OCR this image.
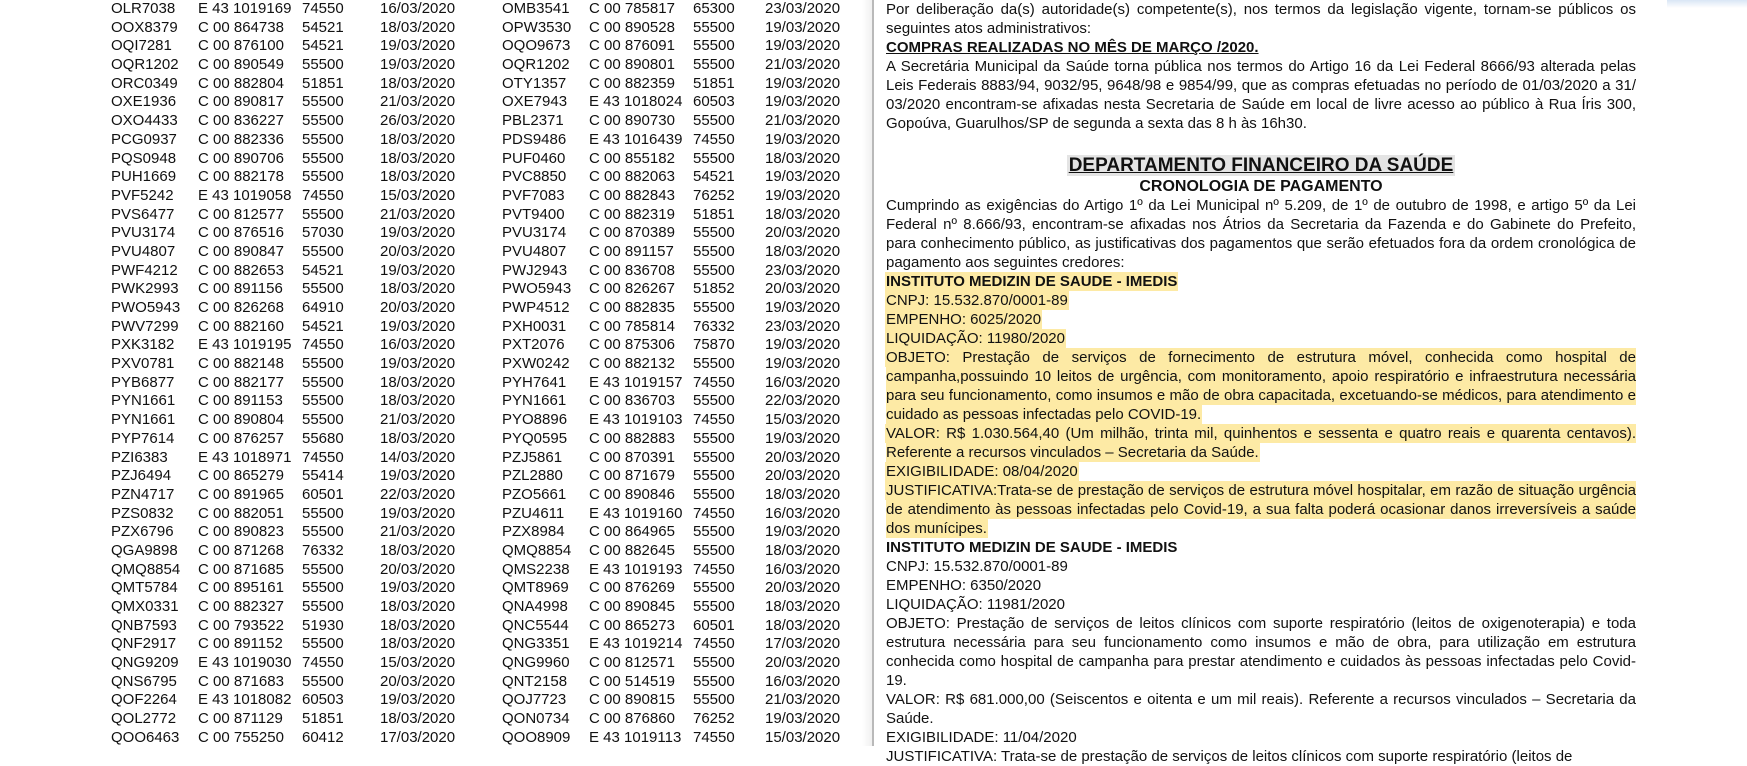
OLR7038 E 43 1019169 74550 16/03/2020
OOX8379 C 00 864738 54521 18/03/2020
OQI7281 C 00 876100 54521 19/03/2020
OQR1202 C 00 890549 55500 19/03/2020
ORC0349 C 00 882804 51851 18/03/2020
OXE1936 C 00 890817 55500 21/03/2020
OXO4433 C 00 836227 55500 26/03/2020
PCG0937 C 00 882336 55500 18/03/2020
PQS0948 C 00 890706 55500 18/03/2020
PUH1669 C 00 882178 55500 18/03/2020
PVF5242 E 43 1019058 74550 15/03/2020
PVS6477 C 00 812577 55500 21/03/2020
PVU3174 C 00 876516 57030 19/03/2020
PVU4807 C 00 890847 55500 20/03/2020
PWF4212 C 00 882653 54521 19/03/2020
PWK2993 C 00 891156 55500 18/03/2020
PWO5943 C 00 826268 64910 20/03/2020
PWV7299 C 00 882160 54521 19/03/2020
PXK3182 E 43 1019195 74550 16/03/2020
PXV0781 C 00 882148 55500 19/03/2020
PYB6877 C 00 882177 55500 18/03/2020
PYN1661 C 00 891153 55500 18/03/2020
PYN1661 C 00 890804 55500 21/03/2020
PYP7614 C 00 876257 55680 18/03/2020
PZI6383 E 43 1018971 74550 14/03/2020
PZJ6494 C 00 865279 55414 19/03/2020
PZN4717 C 00 891965 60501 22/03/2020
PZS0832 C 00 882051 55500 19/03/2020
PZX6796 C 00 890823 55500 21/03/2020
QGA9898 C 00 871268 76332 18/03/2020
QMQ8854 C 00 871685 55500 20/03/2020
QMT5784 C 00 895161 55500 19/03/2020
QMX0331 C 00 882327 55500 18/03/2020
QNB7593 C 00 793522 51930 18/03/2020
QNF2917 C 00 891152 55500 18/03/2020
QNG9209 E 43 1019030 74550 15/03/2020
QNS6795 C 00 871683 55500 20/03/2020
QOF2264 E 43 1018082 60503 19/03/2020
QOL2772 C 00 871129 51851 18/03/2020
QOO6463 C 00 755250 60412 17/03/2020
OMB3541 C 00 785817 65300 23/03/2020
OPW3530 C 00 890528 55500 19/03/2020
OQO9673 C 00 876091 55500 19/03/2020
OQR1202 C 00 890801 55500 21/03/2020
OTY1357 C 00 882359 51851 19/03/2020
OXE7943 E 43 1018024 60503 19/03/2020
PBL2371 C 00 890730 55500 21/03/2020
PDS9486 E 43 1016439 74550 19/03/2020
PUF0460 C 00 855182 55500 18/03/2020
PVC8850 C 00 882063 54521 19/03/2020
PVF7083 C 00 882843 76252 19/03/2020
PVT9400 C 00 882319 51851 18/03/2020
PVU3174 C 00 870389 55500 20/03/2020
PVU4807 C 00 891157 55500 18/03/2020
PWJ2943 C 00 836708 55500 23/03/2020
PWO5943 C 00 826267 51852 20/03/2020
PWP4512 C 00 882835 55500 19/03/2020
PXH0031 C 00 785814 76332 23/03/2020
PXT2076 C 00 875306 75870 19/03/2020
PXW0242 C 00 882132 55500 19/03/2020
PYH7641 E 43 1019157 74550 16/03/2020
PYN1661 C 00 836703 55500 22/03/2020
PYO8896 E 43 1019103 74550 15/03/2020
PYQ0595 C 00 882883 55500 19/03/2020
PZJ5861 C 00 870391 55500 20/03/2020
PZL2880 C 00 871679 55500 20/03/2020
PZO5661 C 00 890846 55500 18/03/2020
PZU4611 E 43 1019160 74550 16/03/2020
PZX8984 C 00 864965 55500 19/03/2020
QMQ8854 C 00 882645 55500 18/03/2020
QMS2238 E 43 1019193 74550 16/03/2020
QMT8969 C 00 876269 55500 20/03/2020
QNA4998 C 00 890845 55500 18/03/2020
QNC5544 C 00 865273 60501 18/03/2020
QNG3351 E 43 1019214 74550 17/03/2020
QNG9960 C 00 812571 55500 20/03/2020
QNT2158 C 00 514519 55500 16/03/2020
QOJ7723 C 00 890815 55500 21/03/2020
QON0734 C 00 876860 76252 19/03/2020
QOO8909 E 43 1019113 74550 15/03/2020

Por deliberação da(s) autoridade(s) competente(s), nos termos da legislação vigente, tornam-se públicos os seguintes atos administrativos:

COMPRAS REALIZADAS NO MÊS DE MARÇO /2020.

A Secretária Municipal da Saúde torna pública nos termos do Artigo 16 da Lei Federal 8666/93 alterada pelas Leis Federais 8883/94, 9032/95, 9648/98 e 9854/99, que as compras efetuadas no período de 01/03/2020 a 31/ 03/2020 encontram-se afixadas nesta Secretaria de Saúde em local de livre acesso ao público à Rua Íris 300, Gopoúva, Guarulhos/SP de segunda a sexta das 8 h às 16h30.

DEPARTAMENTO FINANCEIRO DA SAÚDE
CRONOLOGIA DE PAGAMENTO

Cumprindo as exigências do Artigo 1º da Lei Municipal nº 5.209, de 1º de outubro de 1998, e artigo 5º da Lei Federal nº 8.666/93, encontram-se afixadas nos Átrios da Secretaria da Fazenda e do Gabinete do Prefeito, para conhecimento público, as justificativas dos pagamentos que serão efetuados fora da ordem cronológica de pagamento aos seguintes credores:

INSTITUTO MEDIZIN DE SAUDE - IMEDIS

CNPJ: 15.532.870/0001-89

EMPENHO: 6025/2020

LIQUIDAÇÃO: 11980/2020

OBJETO: Prestação de serviços de fornecimento de estrutura móvel, conhecida como hospital de campanha,possuindo 10 leitos de urgência, com monitoramento, apoio respiratório e infraestrutura necessária para seu funcionamento, como insumos e mão de obra capacitada, excetuando-se médicos, para atendimento e cuidado as pessoas infectadas pelo COVID-19.

VALOR: R$ 1.030.564,40 (Um milhão, trinta mil, quinhentos e sessenta e quatro reais e quarenta centavos). Referente a recursos vinculados – Secretaria da Saúde.

EXIGIBILIDADE: 08/04/2020

JUSTIFICATIVA:Trata-se de prestação de serviços de estrutura móvel hospitalar, em razão de situação urgência de atendimento às pessoas infectadas pelo Covid-19, a sua falta poderá ocasionar danos irreversíveis a saúde dos munícipes.

INSTITUTO MEDIZIN DE SAUDE - IMEDIS

CNPJ: 15.532.870/0001-89

EMPENHO: 6350/2020

LIQUIDAÇÃO: 11981/2020

OBJETO: Prestação de serviços de leitos clínicos com suporte respiratório (leitos de oxigenoterapia) e toda estrutura necessária para seu funcionamento como insumos e mão de obra, para utilização em estrutura conhecida como hospital de campanha para prestar atendimento e cuidados às pessoas infectadas pelo Covid-19.

VALOR: R$ 681.000,00 (Seiscentos e oitenta e um mil reais). Referente a recursos vinculados – Secretaria da Saúde.

EXIGIBILIDADE: 11/04/2020

JUSTIFICATIVA: Trata-se de prestação de serviços de leitos clínicos com suporte respiratório (leitos de
